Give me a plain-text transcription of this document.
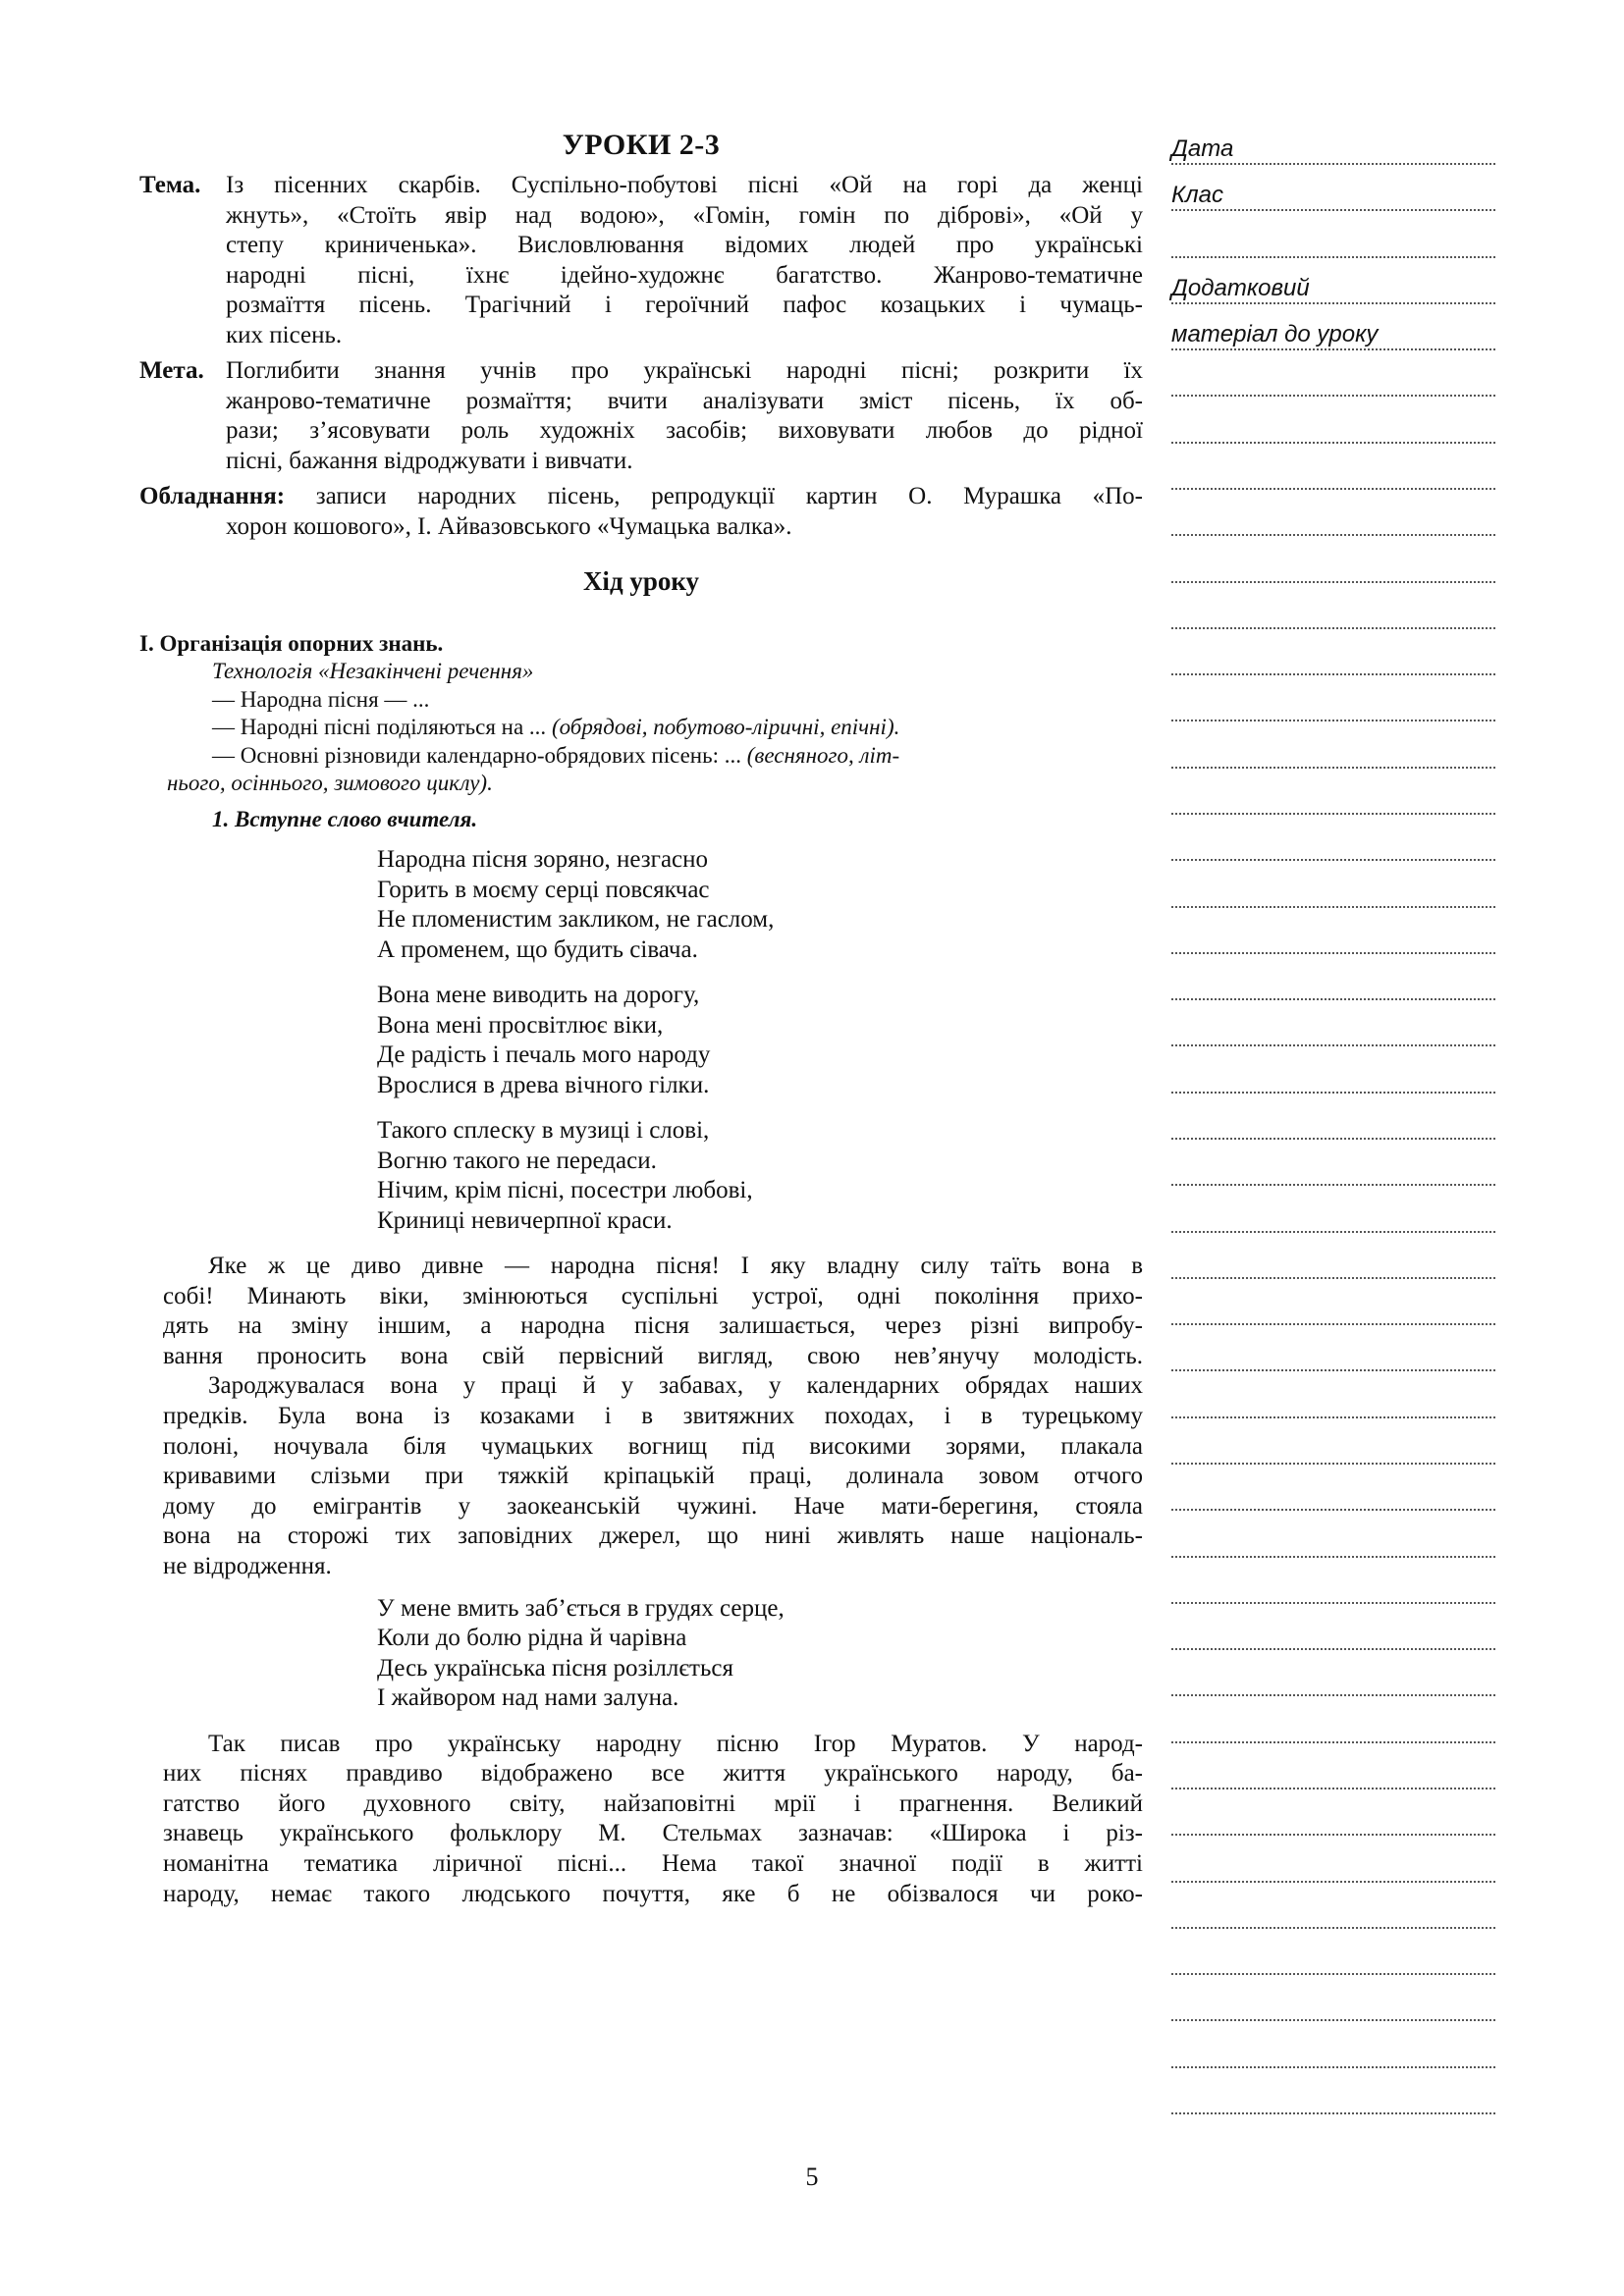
УРОКИ 2-3
Тема. Із пісенних скарбів. Суспільно-побутові пісні «Ой на горі да женці
жнуть», «Стоїть явір над водою», «Гомін, гомін по діброві», «Ой у
степу криниченька». Висловлювання відомих людей про українські
народні пісні, їхнє ідейно-художнє багатство. Жанрово-тематичне
розмаїття пісень. Трагічний і героїчний пафос козацьких і чумаць-
ких пісень.
Мета. Поглибити знання учнів про українські народні пісні; розкрити їх
жанрово-тематичне розмаїття; вчити аналізувати зміст пісень, їх об-
рази; з’ясовувати роль художніх засобів; виховувати любов до рідної
пісні, бажання відроджувати і вивчати.
Обладнання: записи народних пісень, репродукції картин О. Мурашка «По-
хорон кошового», І. Айвазовського «Чумацька валка».
Хід уроку
I. Організація опорних знань.
Технологія «Незакінчені речення»
— Народна пісня — ...
— Народні пісні поділяються на ... (обрядові, побутово-ліричні, епічні).
— Основні різновиди календарно-обрядових пісень: ... (весняного, літ-
нього, осіннього, зимового циклу).
1. Вступне слово вчителя.
Народна пісня зоряно, незгасно
Горить в моєму серці повсякчас
Не пломенистим закликом, не гаслом,
А променем, що будить сівача.
Вона мене виводить на дорогу,
Вона мені просвітлює віки,
Де радість і печаль мого народу
Врослися в древа вічного гілки.
Такого сплеску в музиці і слові,
Вогню такого не передаси.
Нічим, крім пісні, посестри любові,
Криниці невичерпної краси.
Яке ж це диво дивне — народна пісня! І яку владну силу таїть вона в
собі! Минають віки, змінюються суспільні устрої, одні покоління прихо-
дять на зміну іншим, а народна пісня залишається, через різні випробу-
вання проносить вона свій первісний вигляд, свою нев’янучу молодість.
Зароджувалася вона у праці й у забавах, у календарних обрядах наших
предків. Була вона із козаками і в звитяжних походах, і в турецькому
полоні, ночувала біля чумацьких вогнищ під високими зорями, плакала
кривавими слізьми при тяжкій кріпацькій праці, долинала зовом отчого
дому до емігрантів у заокеанській чужині. Наче мати-берегиня, стояла
вона на сторожі тих заповідних джерел, що нині живлять наше національ-
не відродження.
У мене вмить заб’ється в грудях серце,
Коли до болю рідна й чарівна
Десь українська пісня розіллється
І жайвором над нами залуна.
Так писав про українську народну пісню Ігор Муратов. У народ-
них піснях правдиво відображено все життя українського народу, ба-
гатство його духовного світу, найзаповітні мрії і прагнення. Великий
знавець українського фольклору М. Стельмах зазначав: «Широка і різ-
номанітна тематика ліричної пісні... Нема такої значної події в житті
народу, немає такого людського почуття, яке б не обізвалося чи роко-
Дата
Клас
Додатковий
матеріал до уроку
5
